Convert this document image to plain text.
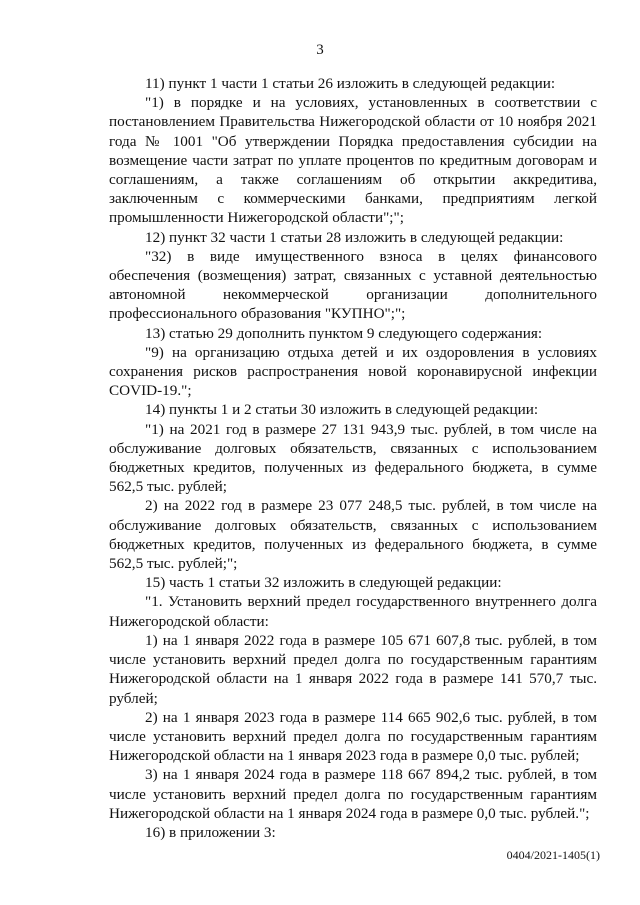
3

11) пункт 1 части 1 статьи 26 изложить в следующей редакции:

"1) в порядке и на условиях, установленных в соответствии с постановлением Правительства Нижегородской области от 10 ноября 2021 года № 1001 "Об утверждении Порядка предоставления субсидии на возмещение части затрат по уплате процентов по кредитным договорам и соглашениям, а также соглашениям об открытии аккредитива, заключенным с коммерческими банками, предприятиям легкой промышленности Нижегородской области";";

12) пункт 32 части 1 статьи 28 изложить в следующей редакции:

"32) в виде имущественного взноса в целях финансового обеспечения (возмещения) затрат, связанных с уставной деятельностью автономной некоммерческой организации дополнительного профессионального образования "КУПНО";";

13) статью 29 дополнить пунктом 9 следующего содержания:

"9) на организацию отдыха детей и их оздоровления в условиях сохранения рисков распространения новой коронавирусной инфекции COVID-19.";

14) пункты 1 и 2 статьи 30 изложить в следующей редакции:

"1) на 2021 год в размере 27 131 943,9 тыс. рублей, в том числе на обслуживание долговых обязательств, связанных с использованием бюджетных кредитов, полученных из федерального бюджета, в сумме 562,5 тыс. рублей;

2) на 2022 год в размере 23 077 248,5 тыс. рублей, в том числе на обслуживание долговых обязательств, связанных с использованием бюджетных кредитов, полученных из федерального бюджета, в сумме 562,5 тыс. рублей;";

15) часть 1 статьи 32 изложить в следующей редакции:

"1. Установить верхний предел государственного внутреннего долга Нижегородской области:

1) на 1 января 2022 года в размере 105 671 607,8 тыс. рублей, в том числе установить верхний предел долга по государственным гарантиям Нижегородской области на 1 января 2022 года в размере 141 570,7 тыс. рублей;

2) на 1 января 2023 года в размере 114 665 902,6 тыс. рублей, в том числе установить верхний предел долга по государственным гарантиям Нижегородской области на 1 января 2023 года в размере 0,0 тыс. рублей;

3) на 1 января 2024 года в размере 118 667 894,2 тыс. рублей, в том числе установить верхний предел долга по государственным гарантиям Нижегородской области на 1 января 2024 года в размере 0,0 тыс. рублей.";

16) в приложении 3:

0404/2021-1405(1)
